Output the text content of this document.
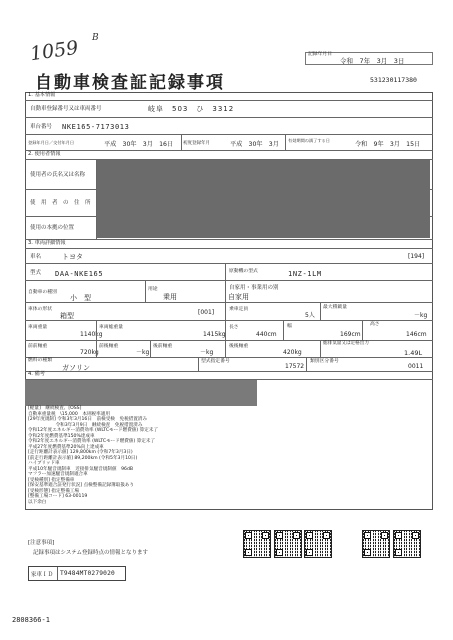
1059 B
記録年月日
令和　7年　3月　3日
自動車検査証記録事項	531230117380
1. 基本情報
自動車登録番号又は車両番号	岐阜　503　ひ　3312
車台番号 NKE165-7173013
登録年月日／交付年月日	平成　30年　3月　16日 初度登録年月	平成　30年　3月
有効期間の満了する日
令和　9年　3月　15日
2. 使用者情報
使用者の氏名又は名称
使　用　者　の　住　所
使用の本拠の位置
3. 車両詳細情報
車名	トヨタ	[194]
型式 DAA-NKE165	原動機の型式	1NZ-1LM
自動車の種別
小　型
用途
乗用
自家用・事業用の別
自家用
車体の形状
箱型	[001]	乗車定員
5人
最大積載量
－kg
車両重量
1140kg
車両総重量
1415kg
長さ
440cm
幅
169cm
高さ
146cm
前前軸重
720kg
前後軸重
－kg
後前軸重
－kg
後後軸重
420kg
総排気量又は定格出力
1.49L
燃料の種類
ガソリン
型式指定番号
17572
類別区分番号
0011
4. 備考
[軽量]　継続検査、[OSS]
自動車重量税　\15,000　本則税率適用
[29年度規制] 令和3年3月16日　前検受検　免税措置済み
　　　　　　令和3年3月9日　継続検査　免税措置済み
令和12年度エネルギー消費効率 (WLTCモード燃費値) 算定未了
令和2年度燃費基準150%達成車
令和2年度エネルギー消費効率 (WLTCモード燃費値) 算定未了
平成27年度燃費基準20%向上達成車
[走行距離計表示値] 129,800km (令和7年3月3日)
[前走行距離計表示値] 89,200km (令和5年3月10日)
ハイブリッド車
平成10年騒音規制車　近接排気騒音規制値　96dB
マフラー加速騒音規制適合車
[受検種別] 指定整備車
[保安基準適合証発行状況] 点検整備記録簿取扱あり
[受検形態] 指定整備工場
[整備工場コード] 63-00119
以下余白
[注意事項]
記録事項はシステム登録時点の情報となります
家車ＩＤ T9484MT0279020
2808366-1
